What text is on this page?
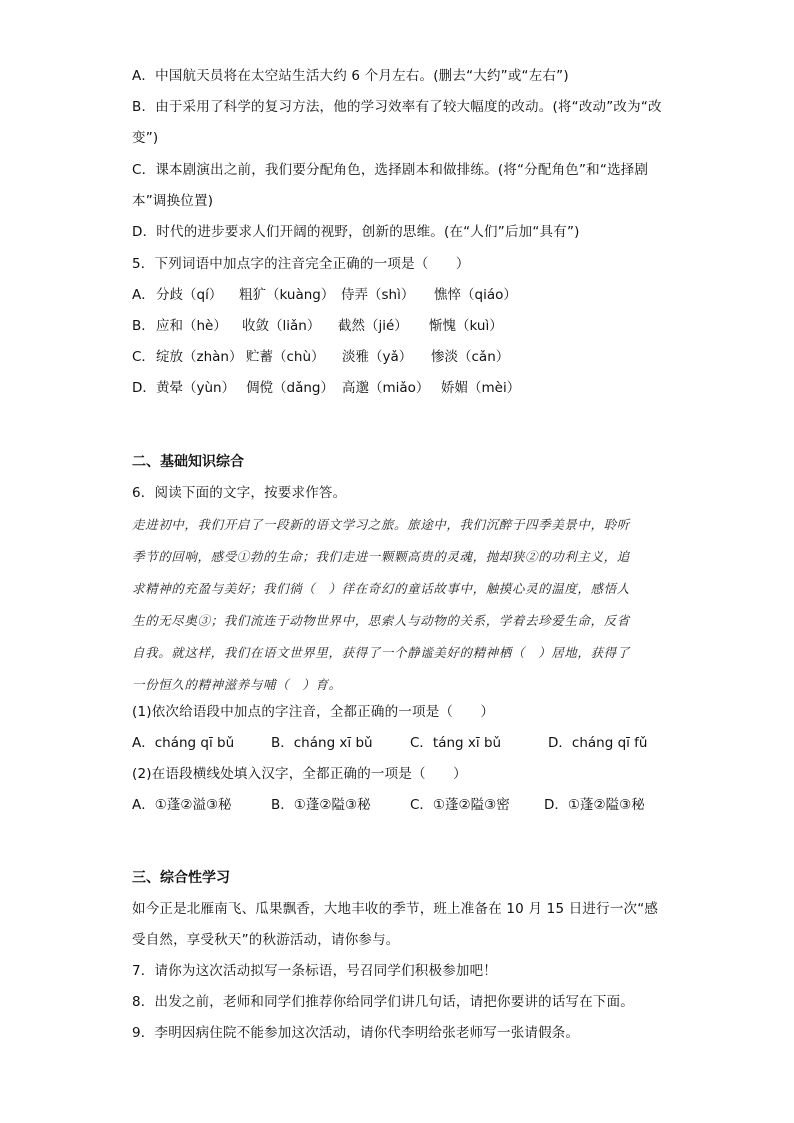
A．中国航天员将在太空站生活大约 6 个月左右。(删去“大约”或“左右”)
B．由于采用了科学的复习方法，他的学习效率有了较大幅度的改动。(将“改动”改为“改
变”)
C．课本剧演出之前，我们要分配角色，选择剧本和做排练。(将“分配角色”和“选择剧
本”调换位置)
D．时代的进步要求人们开阔的视野，创新的思维。(在“人们”后加“具有”)
5．下列词语中加点字的注音完全正确的一项是（　　）
A． 分歧（qí） 粗犷（kuàng） 侍弄（shì） 憔悴（qiáo）
B． 应和（hè） 收敛（liǎn） 截然（jié） 惭愧（kuì）
C． 绽放（zhàn） 贮蓄（chù） 淡雅（yǎ） 惨淡（cǎn）
D． 黄晕（yùn） 倜傥（dǎng） 高邈（miǎo） 娇媚（mèi）
二、基础知识综合
6．阅读下面的文字，按要求作答。
走进初中，我们开启了一段新的语文学习之旅。旅途中，我们沉醉于四季美景中，聆听
季节的回响，感受①勃的生命；我们走进一颗颗高贵的灵魂，抛却狭②的功利主义，追
求精神的充盈与美好；我们徜（　）徉在奇幻的童话故事中，触摸心灵的温度，感悟人
生的无尽奥③；我们流连于动物世界中，思索人与动物的关系，学着去珍爱生命，反省
自我。就这样，我们在语文世界里，获得了一个静谧美好的精神栖（　）居地，获得了
一份恒久的精神滋养与哺（　）育。
(1)依次给语段中加点的字注音，全都正确的一项是（　　）
A．cháng qī bǔ	B．cháng xī bǔ	C．táng xī bǔ	D．cháng qī fǔ
(2)在语段横线处填入汉字，全都正确的一项是（　　）
A．①蓬②溢③秘	B．①蓬②隘③秘	C．①蓬②隘③密	D．①蓬②隘③秘
三、综合性学习
如今正是北雁南飞、瓜果飘香，大地丰收的季节，班上准备在 10 月 15 日进行一次“感
受自然，享受秋天”的秋游活动，请你参与。
7．请你为这次活动拟写一条标语，号召同学们积极参加吧！
8．出发之前，老师和同学们推荐你给同学们讲几句话，请把你要讲的话写在下面。
9．李明因病住院不能参加这次活动，请你代李明给张老师写一张请假条。
